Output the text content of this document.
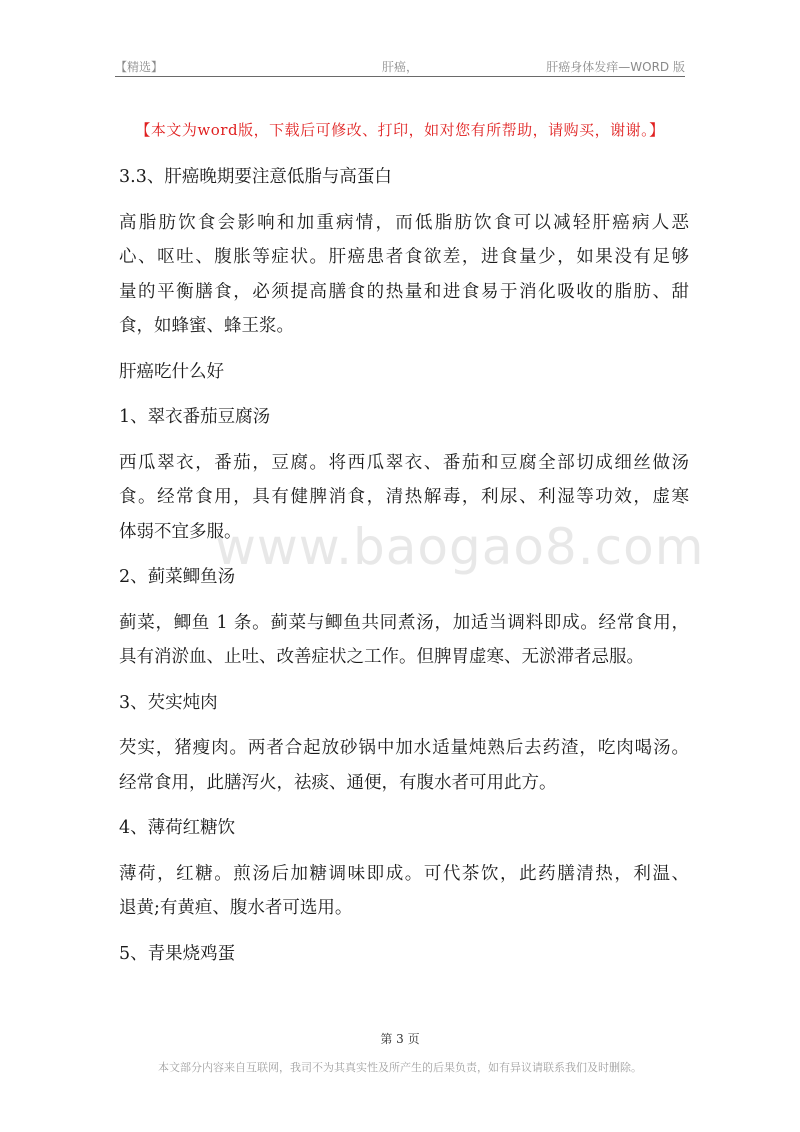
【精选】	肝癌，	肝癌身体发痒—WORD 版
【本文为word版，下载后可修改、打印，如对您有所帮助，请购买，谢谢。】
3.3、肝癌晚期要注意低脂与高蛋白
高脂肪饮食会影响和加重病情，而低脂肪饮食可以减轻肝癌病人恶
心、呕吐、腹胀等症状。肝癌患者食欲差，进食量少，如果没有足够
量的平衡膳食，必须提高膳食的热量和进食易于消化吸收的脂肪、甜
食，如蜂蜜、蜂王浆。
肝癌吃什么好
1、翠衣番茄豆腐汤
西瓜翠衣，番茄，豆腐。将西瓜翠衣、番茄和豆腐全部切成细丝做汤
食。经常食用，具有健脾消食，清热解毒，利尿、利湿等功效，虚寒
体弱不宜多服。
2、蓟菜鲫鱼汤
蓟菜，鲫鱼 1 条。蓟菜与鲫鱼共同煮汤，加适当调料即成。经常食用，
具有消淤血、止吐、改善症状之工作。但脾胃虚寒、无淤滞者忌服。
3、芡实炖肉
芡实，猪瘦肉。两者合起放砂锅中加水适量炖熟后去药渣，吃肉喝汤。
经常食用，此膳泻火，祛痰、通便，有腹水者可用此方。
4、薄荷红糖饮
薄荷，红糖。煎汤后加糖调味即成。可代茶饮，此药膳清热，利温、
退黄;有黄疸、腹水者可选用。
5、青果烧鸡蛋
www.baogao8.com
第 3 页
本文部分内容来自互联网，我司不为其真实性及所产生的后果负责，如有异议请联系我们及时删除。
